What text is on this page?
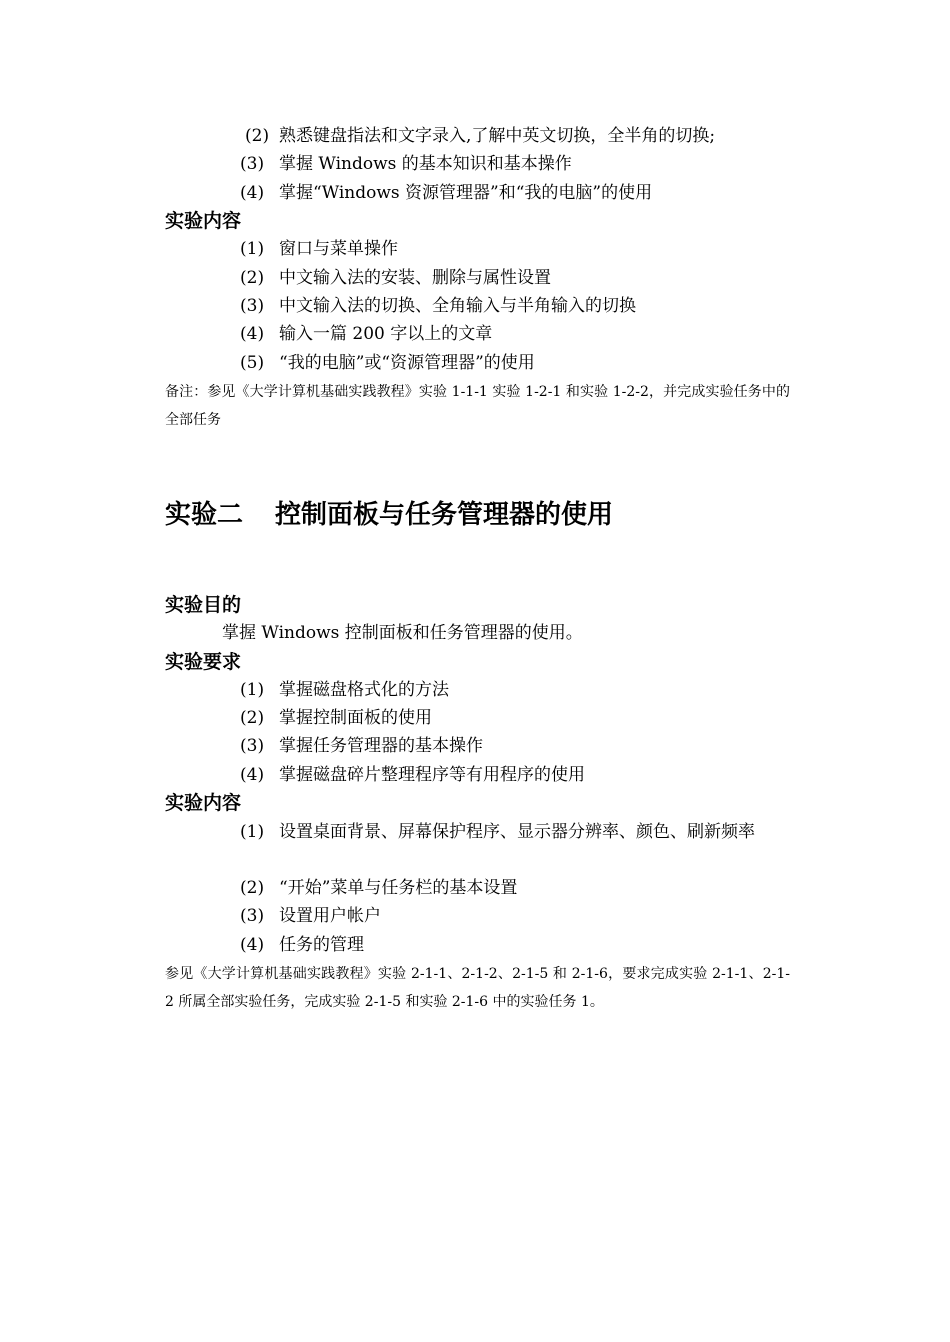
(2) 熟悉键盘指法和文字录入,了解中英文切换，全半角的切换;
(3) 掌握 Windows 的基本知识和基本操作
(4) 掌握“Windows 资源管理器”和“我的电脑”的使用
实验内容
(1) 窗口与菜单操作
(2) 中文输入法的安装、删除与属性设置
(3) 中文输入法的切换、全角输入与半角输入的切换
(4) 输入一篇 200 字以上的文章
(5) “我的电脑”或“资源管理器”的使用
备注：参见《大学计算机基础实践教程》实验 1-1-1 实验 1-2-1 和实验 1-2-2，并完成实验任务中的全部任务
实验二 控制面板与任务管理器的使用
实验目的
掌握 Windows 控制面板和任务管理器的使用。
实验要求
(1) 掌握磁盘格式化的方法
(2) 掌握控制面板的使用
(3) 掌握任务管理器的基本操作
(4) 掌握磁盘碎片整理程序等有用程序的使用
实验内容
(1) 设置桌面背景、屏幕保护程序、显示器分辨率、颜色、刷新频率
(2) “开始”菜单与任务栏的基本设置
(3) 设置用户帐户
(4) 任务的管理
参见《大学计算机基础实践教程》实验 2-1-1、2-1-2、2-1-5 和 2-1-6，要求完成实验 2-1-1、2-1-2 所属全部实验任务，完成实验 2-1-5 和实验 2-1-6 中的实验任务 1。
